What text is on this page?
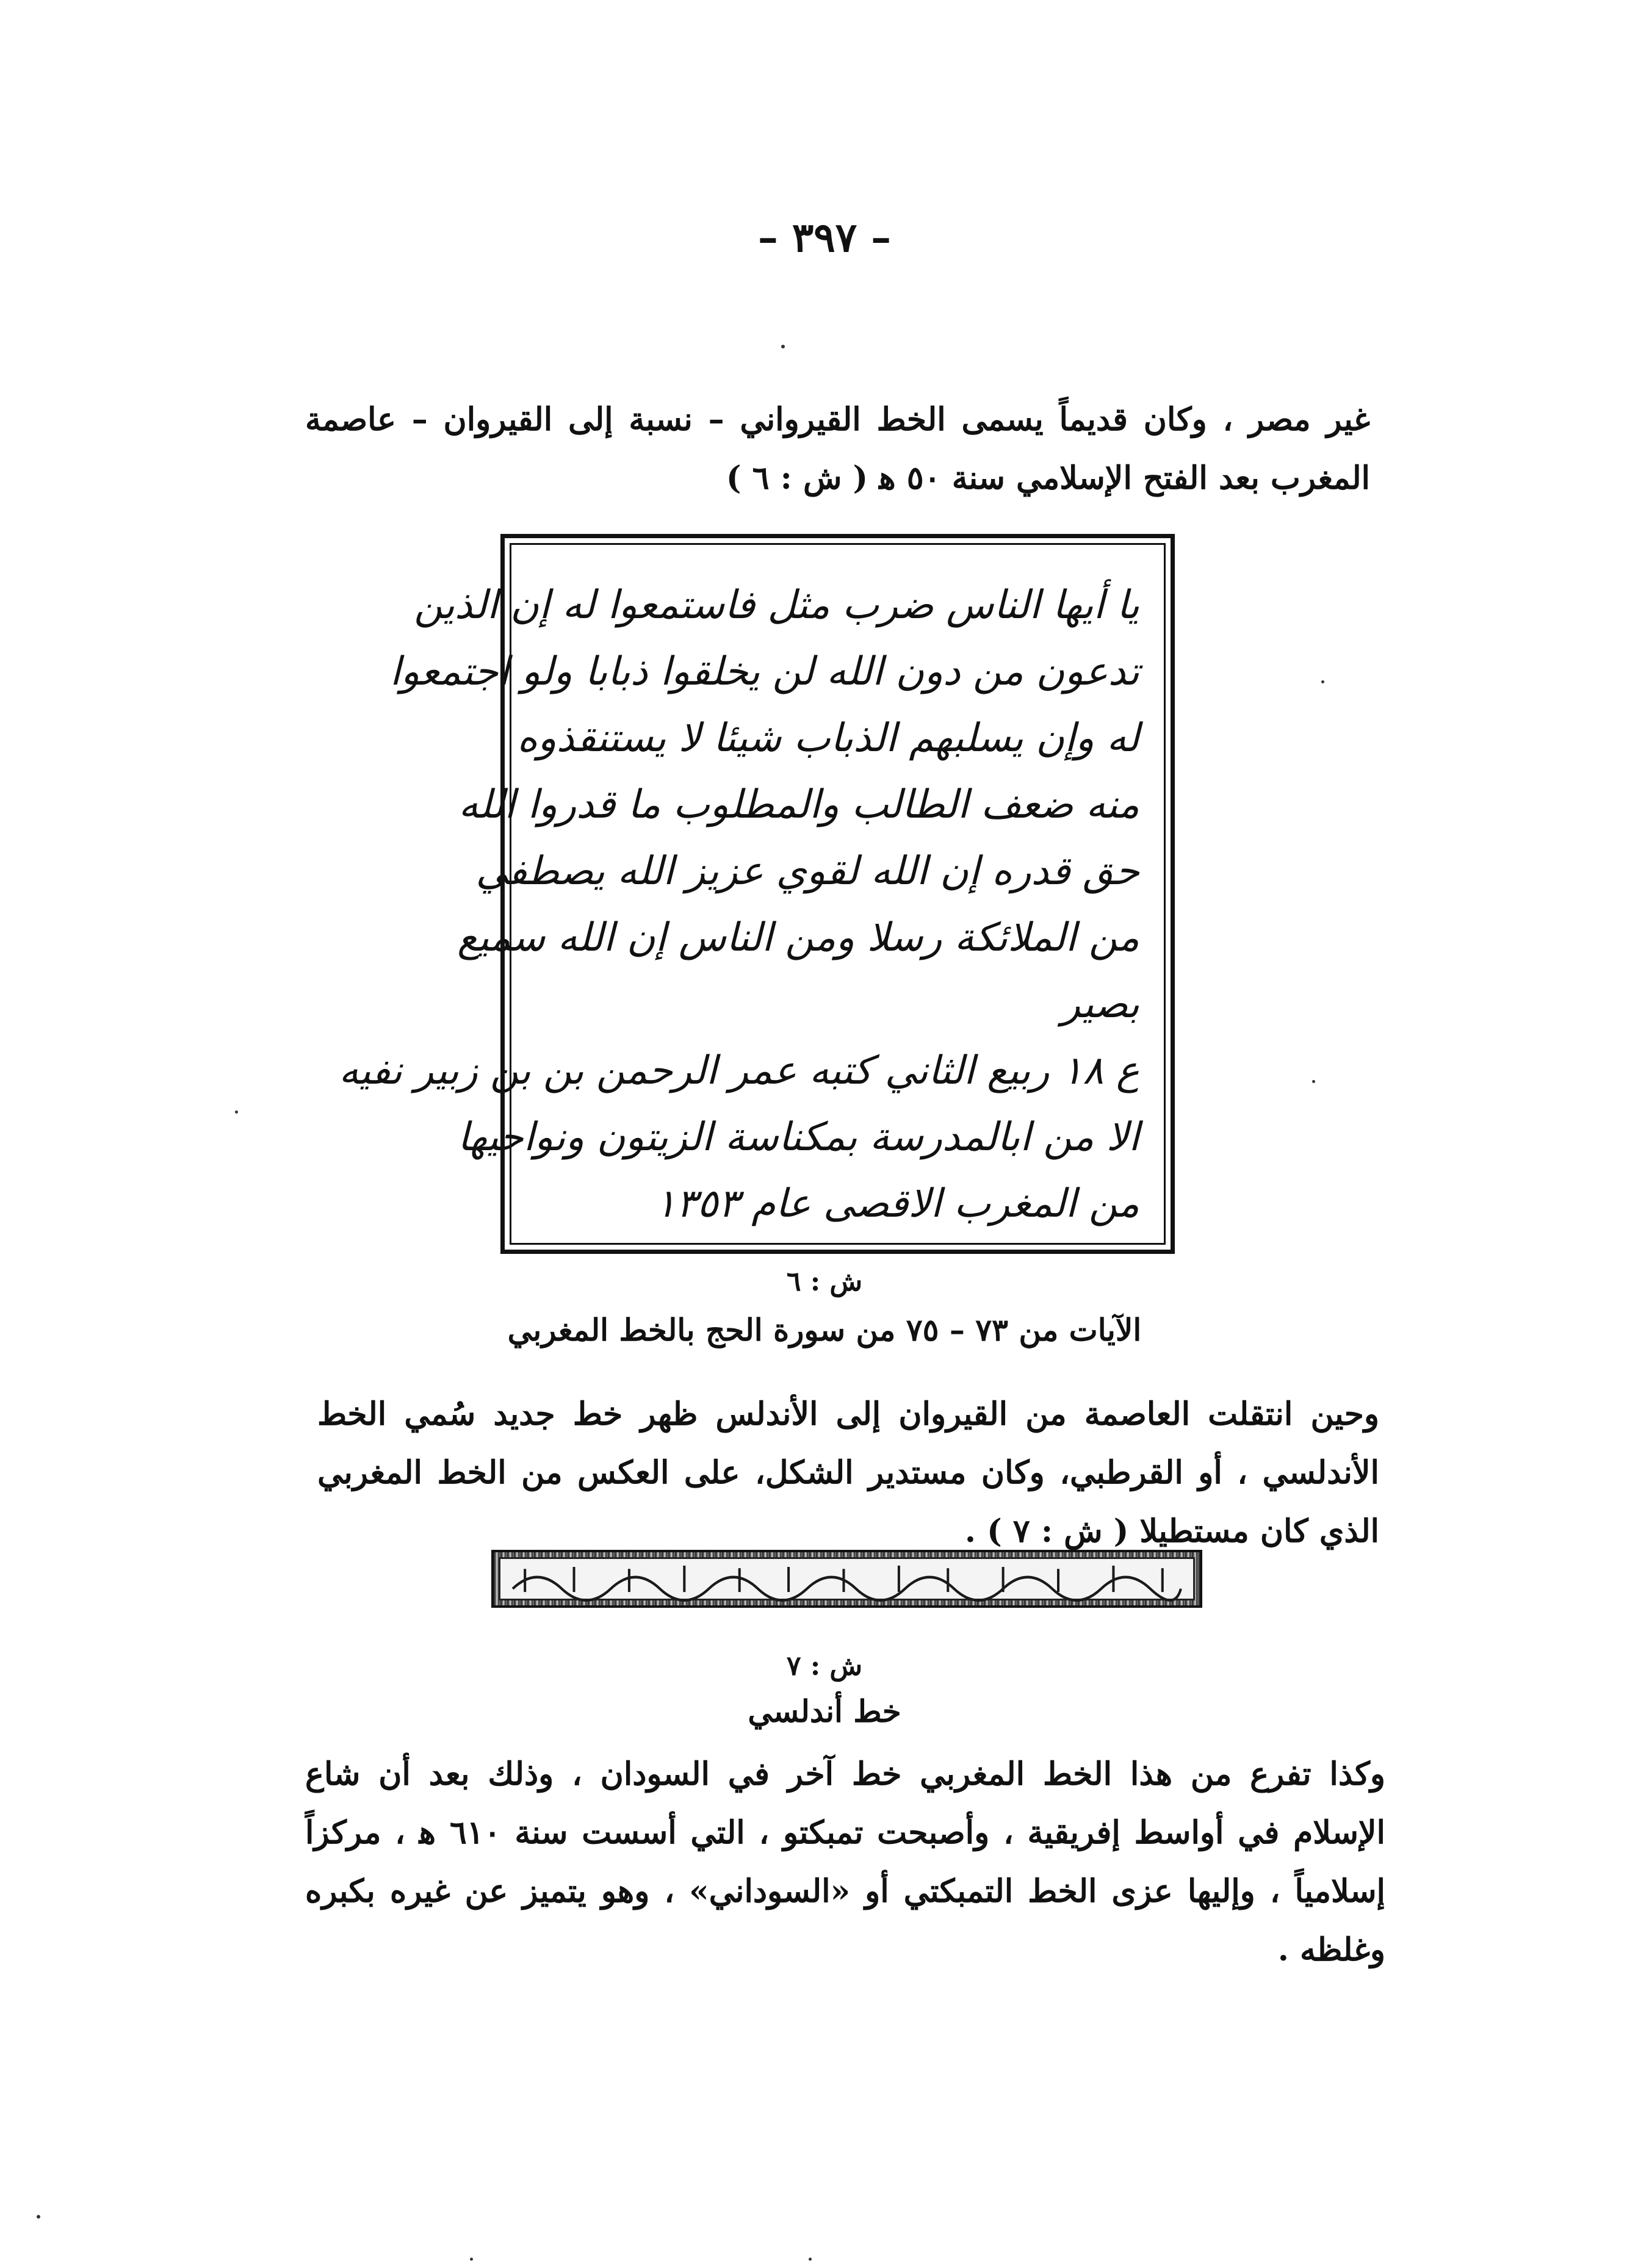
– ٣٩٧ –
غير مصر ، وكان قديماً يسمى الخط القيرواني – نسبة إلى القيروان – عاصمة المغرب بعد الفتح الإسلامي سنة ٥٠ ﻫ ( ش : ٦ )
يا أيها الناس ضرب مثل فاستمعوا له إن الذين
تدعون من دون الله لن يخلقوا ذبابا ولو اجتمعوا
له وإن يسلبهم الذباب شيئا لا يستنقذوه
منه ضعف الطالب والمطلوب ما قدروا الله
حق قدره إن الله لقوي عزيز الله يصطفي
من الملائكة رسلا ومن الناس إن الله سميع
بصير
ع ١٨ ربيع الثاني كتبه عمر الرحمن بن بن زبير نفيه
الا من ابالمدرسة بمكناسة الزيتون ونواحيها
من المغرب الاقصى عام ١٣٥٣
ش : ٦
الآيات من ٧٣ – ٧٥ من سورة الحج بالخط المغربي
وحين انتقلت العاصمة من القيروان إلى الأندلس ظهر خط جديد سُمي الخط الأندلسي ، أو القرطبي، وكان مستدير الشكل، على العكس من الخط المغربي الذي كان مستطيلا ( ش : ٧ ) .
ش : ٧
خط أندلسي
وكذا تفرع من هذا الخط المغربي خط آخر في السودان ، وذلك بعد أن شاع الإسلام في أواسط إفريقية ، وأصبحت تمبكتو ، التي أسست سنة ٦١٠ ﻫ ، مركزاً إسلامياً ، وإليها عزى الخط التمبكتي أو «السوداني» ، وهو يتميز عن غيره بكبره وغلظه .
